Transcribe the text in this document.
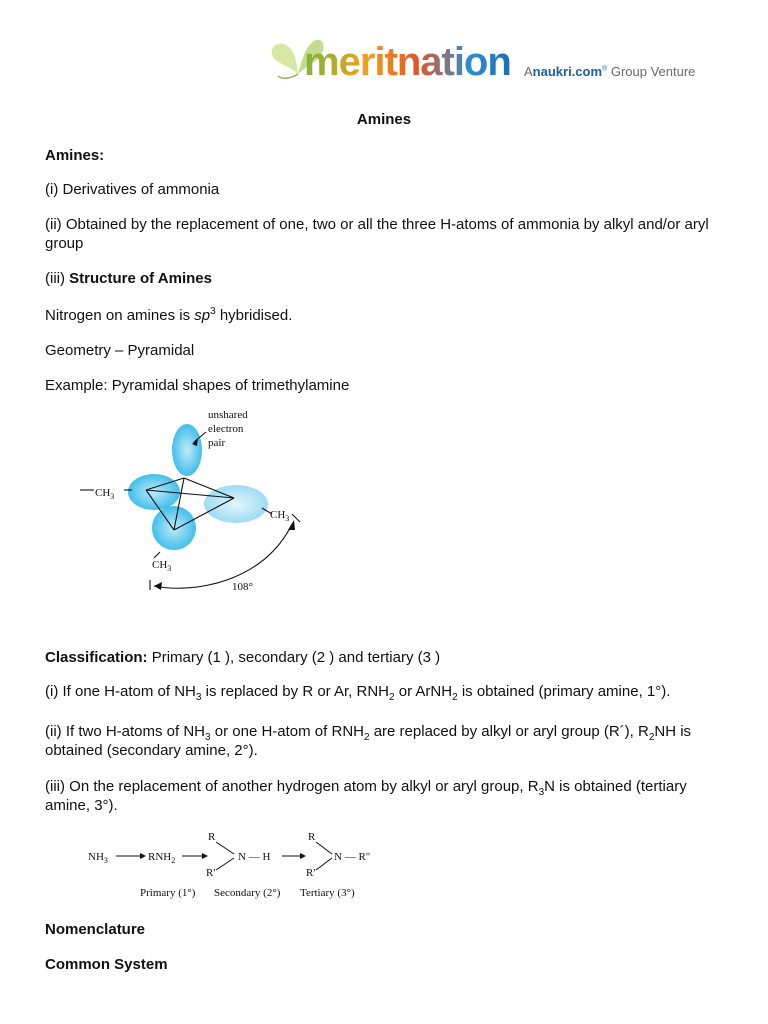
meritnation Anaukri.com® Group Venture
Amines

Amines:

(i) Derivatives of ammonia

(ii) Obtained by the replacement of one, two or all the three H-atoms of ammonia by alkyl and/or aryl group

(iii) Structure of Amines

Nitrogen on amines is $sp^3$ hybridised.

Geometry – Pyramidal

Example: Pyramidal shapes of trimethylamine

unshared
electron
pair
$CH_3$
$CH_3$
$CH_3$
108°

Classification: Primary (1 ), secondary (2 ) and tertiary (3 )

(i) If one H-atom of $NH_3$ is replaced by R or Ar, $RNH_2$ or ArNH$_2$ is obtained (primary amine, 1°).

(ii) If two H-atoms of $NH_3$ or one H-atom of $RNH_2$ are replaced by alkyl or aryl group (R´), $R_2NH$ is obtained (secondary amine, 2°).

(iii) On the replacement of another hydrogen atom by alkyl or aryl group, $R_3N$ is obtained (tertiary amine, 3°).

$NH_3$	$RNH_2$
R
R'
N — H
R
R'
N — R"
Primary (1°) Secondary (2°) Tertiary (3°)

Nomenclature

Common System
